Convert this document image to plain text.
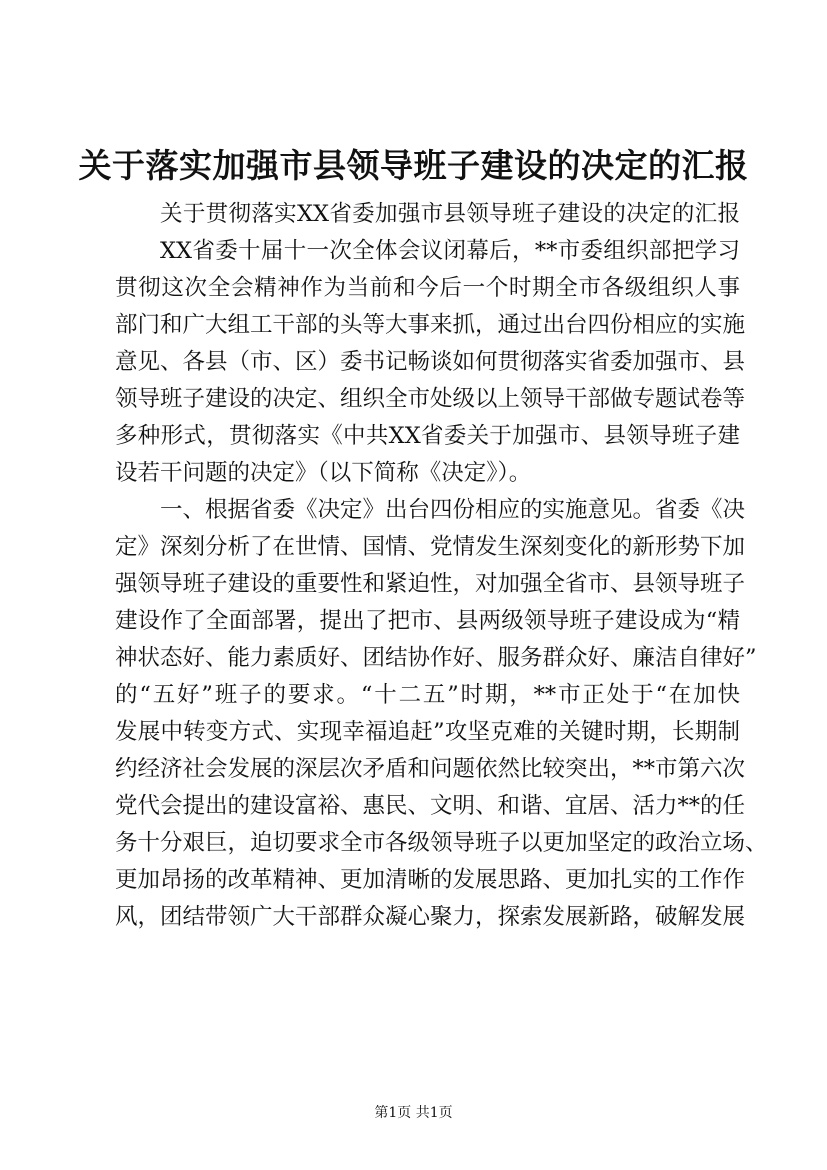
关于落实加强市县领导班子建设的决定的汇报
关于贯彻落实XX省委加强市县领导班子建设的决定的汇报
XX省委十届十一次全体会议闭幕后，**市委组织部把学习
贯彻这次全会精神作为当前和今后一个时期全市各级组织人事
部门和广大组工干部的头等大事来抓，通过出台四份相应的实施
意见、各县（市、区）委书记畅谈如何贯彻落实省委加强市、县
领导班子建设的决定、组织全市处级以上领导干部做专题试卷等
多种形式，贯彻落实《中共XX省委关于加强市、县领导班子建
设若干问题的决定》（以下简称《决定》）。
一、根据省委《决定》出台四份相应的实施意见。省委《决
定》深刻分析了在世情、国情、党情发生深刻变化的新形势下加
强领导班子建设的重要性和紧迫性，对加强全省市、县领导班子
建设作了全面部署，提出了把市、县两级领导班子建设成为“精
神状态好、能力素质好、团结协作好、服务群众好、廉洁自律好”
的“五好”班子的要求。“十二五”时期，**市正处于“在加快
发展中转变方式、实现幸福追赶”攻坚克难的关键时期，长期制
约经济社会发展的深层次矛盾和问题依然比较突出，**市第六次
党代会提出的建设富裕、惠民、文明、和谐、宜居、活力**的任
务十分艰巨，迫切要求全市各级领导班子以更加坚定的政治立场、
更加昂扬的改革精神、更加清晰的发展思路、更加扎实的工作作
风，团结带领广大干部群众凝心聚力，探索发展新路，破解发展
第1页 共1页
